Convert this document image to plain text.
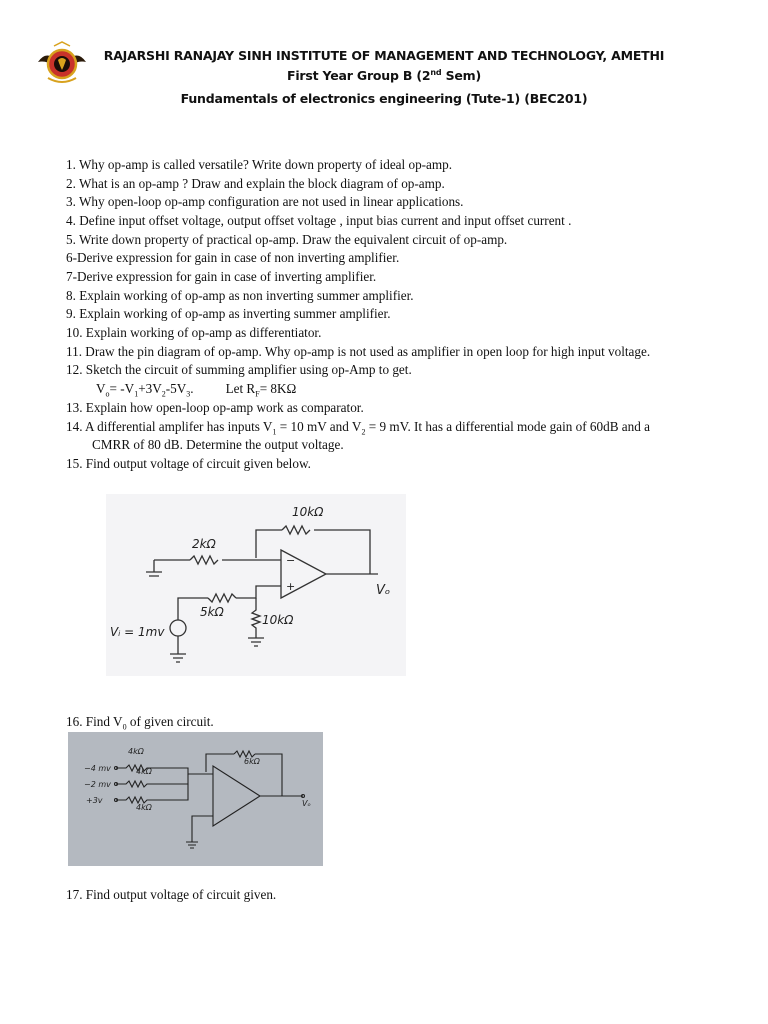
RAJARSHI RANAJAY SINH INSTITUTE OF MANAGEMENT AND TECHNOLOGY, AMETHI
First Year Group B (2nd Sem)
Fundamentals of electronics engineering (Tute-1) (BEC201)
1. Why op-amp is called versatile? Write down property of ideal op-amp.
2. What is an op-amp ? Draw and explain the block diagram of op-amp.
3. Why open-loop op-amp configuration are not used in linear applications.
4. Define input offset voltage, output offset voltage , input bias current and input offset current .
5. Write down property of practical op-amp. Draw the equivalent circuit of op-amp.
6-Derive expression for gain in case of non inverting amplifier.
7-Derive expression for gain in case of inverting amplifier.
8. Explain working of op-amp as non inverting summer amplifier.
9. Explain working of op-amp as inverting summer amplifier.
10. Explain working of op-amp as differentiator.
11. Draw the pin diagram of op-amp. Why op-amp is not used as amplifier in open loop for high input voltage.
12. Sketch the circuit of summing amplifier using op-Amp to get.
$V_o= -V_1+3V_2-5V_3$. Let $R_F= 8K\Omega$
13. Explain how open-loop op-amp work as comparator.
14. A differential amplifer has inputs $V_1 = 10$ mV and $V_2 = 9$ mV. It has a differential mode gain of 60dB and a
CMRR of 80 dB. Determine the output voltage.
15. Find output voltage of circuit given below.
10kΩ
2kΩ
5kΩ
10kΩ
Vᵢ = 1mv
Vₒ
−
+
16. Find $V_0$ of given circuit.
4kΩ
4kΩ
4kΩ
6kΩ
−4 mv
−2 mv
+3v	Vₒ
17. Find output voltage of circuit given.
